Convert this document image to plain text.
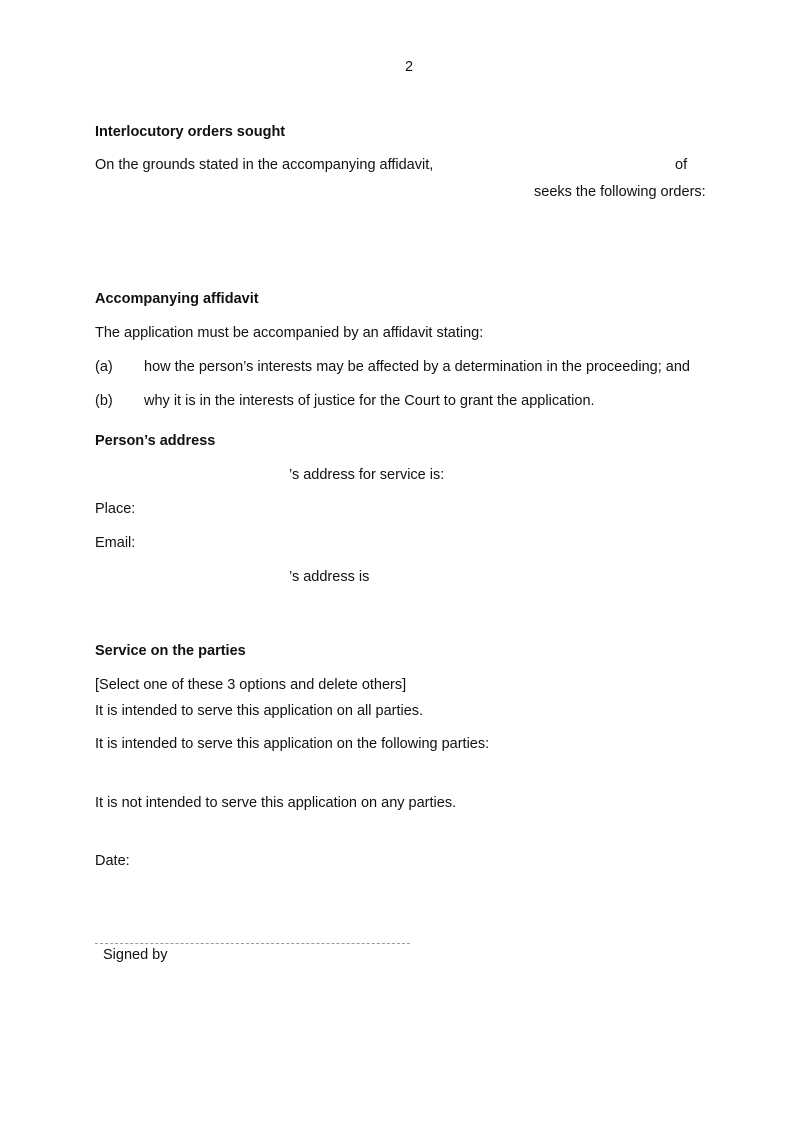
2
Interlocutory orders sought
On the grounds stated in the accompanying affidavit,	of
seeks the following orders:
Accompanying affidavit
The application must be accompanied by an affidavit stating:
(a) how the person’s interests may be affected by a determination in the proceeding; and
(b) why it is in the interests of justice for the Court to grant the application.
Person’s address
’s address for service is:
Place:
Email:
’s address is
Service on the parties
[Select one of these 3 options and delete others]
It is intended to serve this application on all parties.
It is intended to serve this application on the following parties:
It is not intended to serve this application on any parties.
Date:
Signed by
